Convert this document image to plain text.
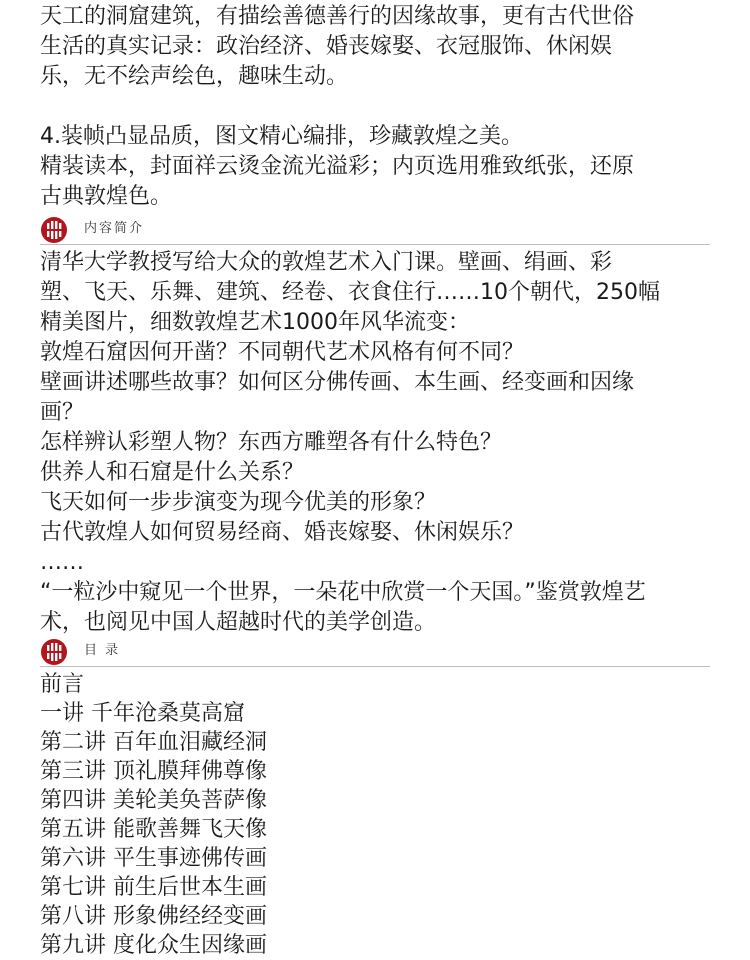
天工的洞窟建筑，有描绘善德善行的因缘故事，更有古代世俗
生活的真实记录：政治经济、婚丧嫁娶、衣冠服饰、休闲娱
乐，无不绘声绘色，趣味生动。
4.装帧凸显品质，图文精心编排，珍藏敦煌之美。
精装读本，封面祥云烫金流光溢彩；内页选用雅致纸张，还原
古典敦煌色。
内容简介
清华大学教授写给大众的敦煌艺术入门课。壁画、绢画、彩
塑、飞天、乐舞、建筑、经卷、衣食住行……10个朝代，250幅
精美图片，细数敦煌艺术1000年风华流变：
敦煌石窟因何开凿？不同朝代艺术风格有何不同？
壁画讲述哪些故事？如何区分佛传画、本生画、经变画和因缘
画？
怎样辨认彩塑人物？东西方雕塑各有什么特色？
供养人和石窟是什么关系？
飞天如何一步步演变为现今优美的形象？
古代敦煌人如何贸易经商、婚丧嫁娶、休闲娱乐？
……
“一粒沙中窥见一个世界，一朵花中欣赏一个天国。”鉴赏敦煌艺
术，也阅见中国人超越时代的美学创造。
目 录
前言
一讲 千年沧桑莫高窟
第二讲 百年血泪藏经洞
第三讲 顶礼膜拜佛尊像
第四讲 美轮美奂菩萨像
第五讲 能歌善舞飞天像
第六讲 平生事迹佛传画
第七讲 前生后世本生画
第八讲 形象佛经经变画
第九讲 度化众生因缘画
